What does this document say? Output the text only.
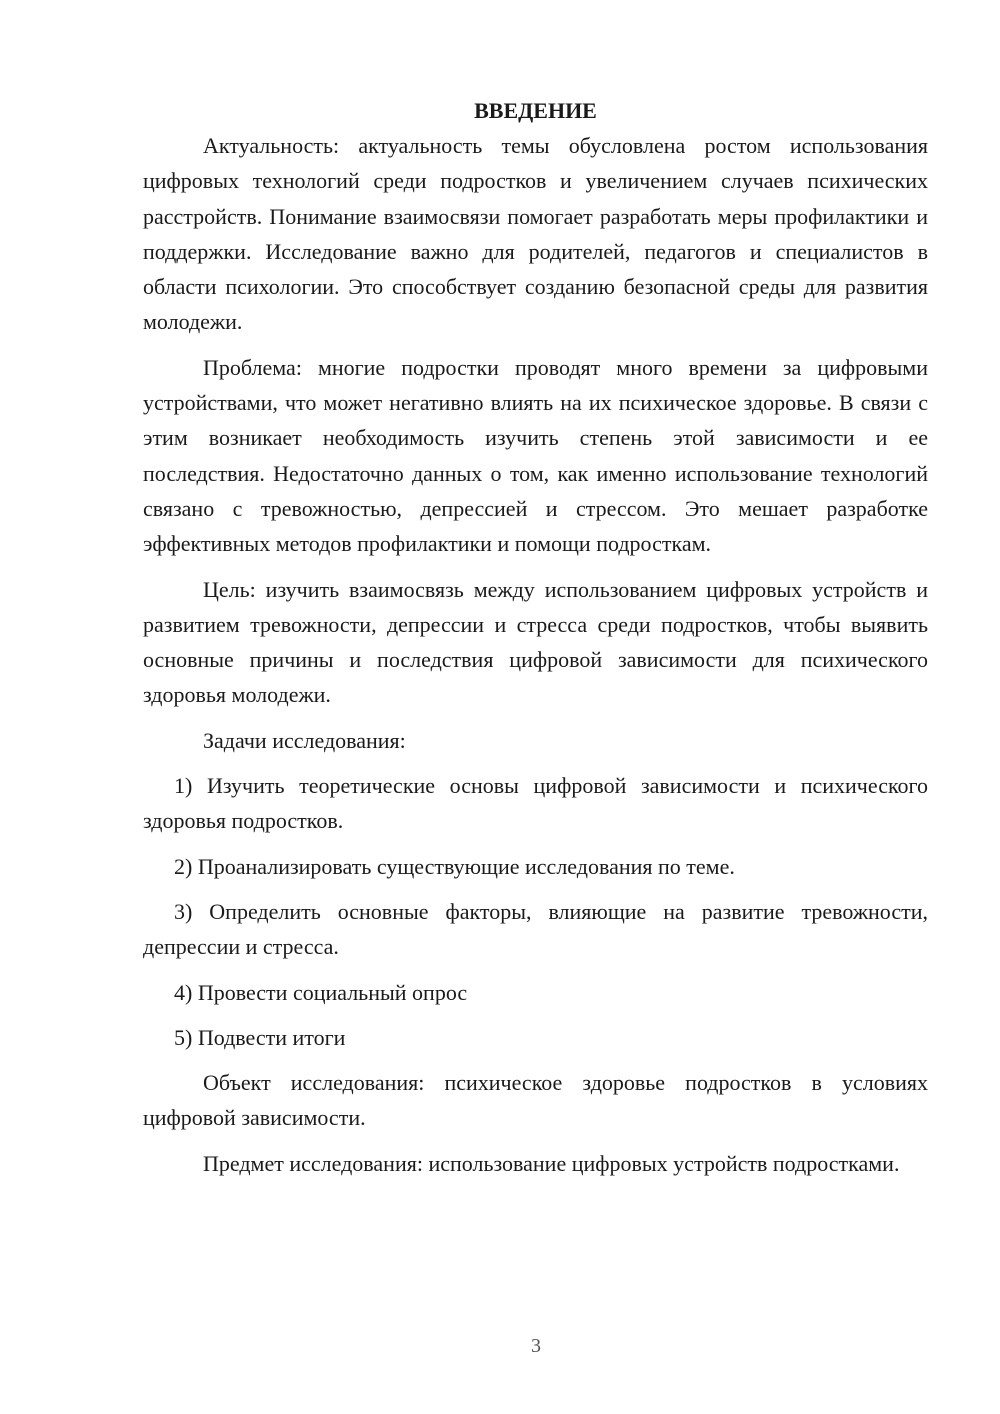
ВВЕДЕНИЕ

Актуальность: актуальность темы обусловлена ростом использования цифровых технологий среди подростков и увеличением случаев психических расстройств. Понимание взаимосвязи помогает разработать меры профилактики и поддержки. Исследование важно для родителей, педагогов и специалистов в области психологии. Это способствует созданию безопасной среды для развития молодежи.

Проблема: многие подростки проводят много времени за цифровыми устройствами, что может негативно влиять на их психическое здоровье. В связи с этим возникает необходимость изучить степень этой зависимости и ее последствия. Недостаточно данных о том, как именно использование технологий связано с тревожностью, депрессией и стрессом. Это мешает разработке эффективных методов профилактики и помощи подросткам.

Цель: изучить взаимосвязь между использованием цифровых устройств и развитием тревожности, депрессии и стресса среди подростков, чтобы выявить основные причины и последствия цифровой зависимости для психического здоровья молодежи.

Задачи исследования:

1) Изучить теоретические основы цифровой зависимости и психического здоровья подростков.

2) Проанализировать существующие исследования по теме.

3) Определить основные факторы, влияющие на развитие тревожности, депрессии и стресса.

4) Провести социальный опрос

5) Подвести итоги

Объект исследования: психическое здоровье подростков в условиях цифровой зависимости.

Предмет исследования: использование цифровых устройств подростками.

3
